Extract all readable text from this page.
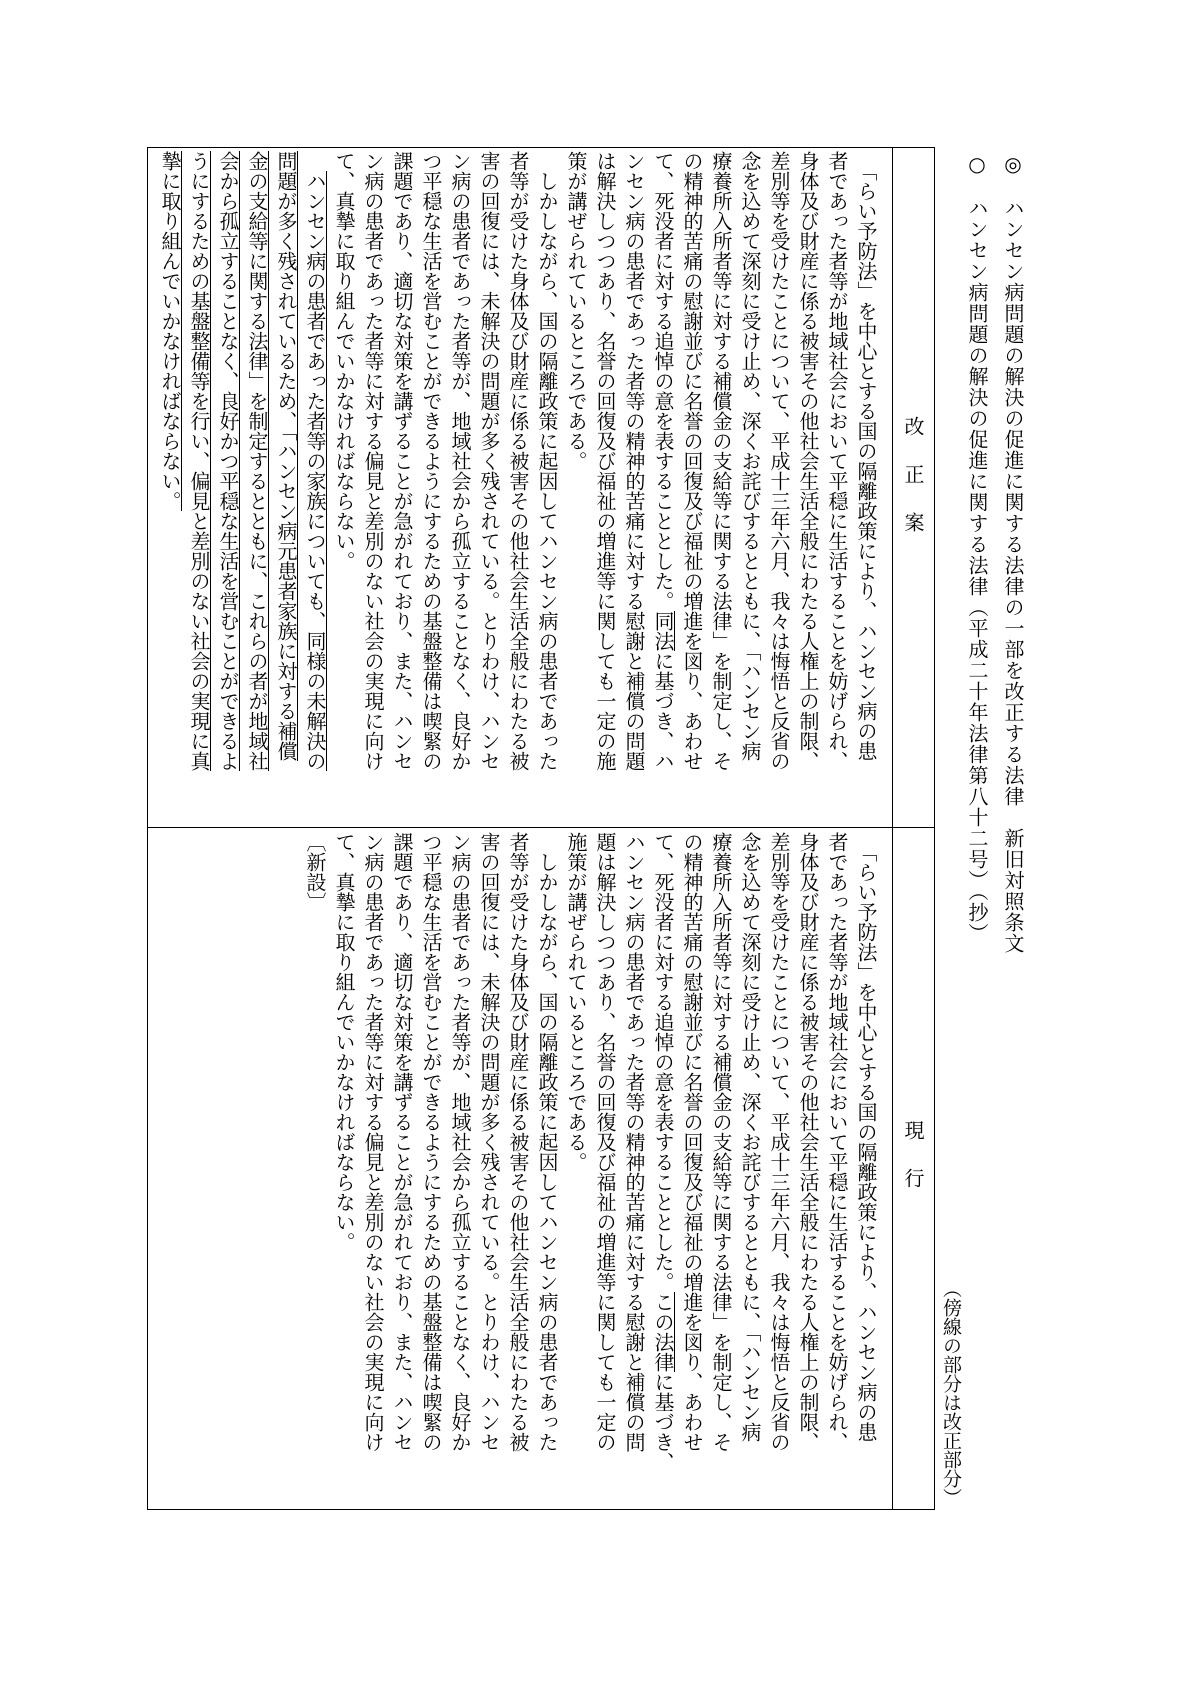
◎　ハンセン病問題の解決の促進に関する法律の一部を改正する法律　新旧対照条文
○　ハンセン病問題の解決の促進に関する法律（平成二十年法律第八十二号）（抄）
（傍線の部分は改正部分）
改正案
現行
　「らい予防法」を中心とする国の隔離政策により、ハンセン病の患
者であった者等が地域社会において平穏に生活することを妨げられ、
身体及び財産に係る被害その他社会生活全般にわたる人権上の制限、
差別等を受けたことについて、平成十三年六月、我々は悔悟と反省の
念を込めて深刻に受け止め、深くお詫びするとともに、「ハンセン病
療養所入所者等に対する補償金の支給等に関する法律」を制定し、そ
の精神的苦痛の慰謝並びに名誉の回復及び福祉の増進を図り、あわせ
て、死没者に対する追悼の意を表することとした。同法に基づき、ハ
ンセン病の患者であった者等の精神的苦痛に対する慰謝と補償の問題
は解決しつつあり、名誉の回復及び福祉の増進等に関しても一定の施
策が講ぜられているところである。
　しかしながら、国の隔離政策に起因してハンセン病の患者であった
者等が受けた身体及び財産に係る被害その他社会生活全般にわたる被
害の回復には、未解決の問題が多く残されている。とりわけ、ハンセ
ン病の患者であった者等が、地域社会から孤立することなく、良好か
つ平穏な生活を営むことができるようにするための基盤整備は喫緊の
課題であり、適切な対策を講ずることが急がれており、また、ハンセ
ン病の患者であった者等に対する偏見と差別のない社会の実現に向け
て、真摯に取り組んでいかなければならない。
　ハンセン病の患者であった者等の家族についても、同様の未解決の
問題が多く残されているため、「ハンセン病元患者家族に対する補償
金の支給等に関する法律」を制定するとともに、これらの者が地域社
会から孤立することなく、良好かつ平穏な生活を営むことができるよ
うにするための基盤整備等を行い、偏見と差別のない社会の実現に真
摯に取り組んでいかなければならない。
　「らい予防法」を中心とする国の隔離政策により、ハンセン病の患
者であった者等が地域社会において平穏に生活することを妨げられ、
身体及び財産に係る被害その他社会生活全般にわたる人権上の制限、
差別等を受けたことについて、平成十三年六月、我々は悔悟と反省の
念を込めて深刻に受け止め、深くお詫びするとともに、「ハンセン病
療養所入所者等に対する補償金の支給等に関する法律」を制定し、そ
の精神的苦痛の慰謝並びに名誉の回復及び福祉の増進を図り、あわせ
て、死没者に対する追悼の意を表することとした。この法律に基づき、
ハンセン病の患者であった者等の精神的苦痛に対する慰謝と補償の問
題は解決しつつあり、名誉の回復及び福祉の増進等に関しても一定の
施策が講ぜられているところである。
　しかしながら、国の隔離政策に起因してハンセン病の患者であった
者等が受けた身体及び財産に係る被害その他社会生活全般にわたる被
害の回復には、未解決の問題が多く残されている。とりわけ、ハンセ
ン病の患者であった者等が、地域社会から孤立することなく、良好か
つ平穏な生活を営むことができるようにするための基盤整備は喫緊の
課題であり、適切な対策を講ずることが急がれており、また、ハンセ
ン病の患者であった者等に対する偏見と差別のない社会の実現に向け
て、真摯に取り組んでいかなければならない。
〔新設〕
